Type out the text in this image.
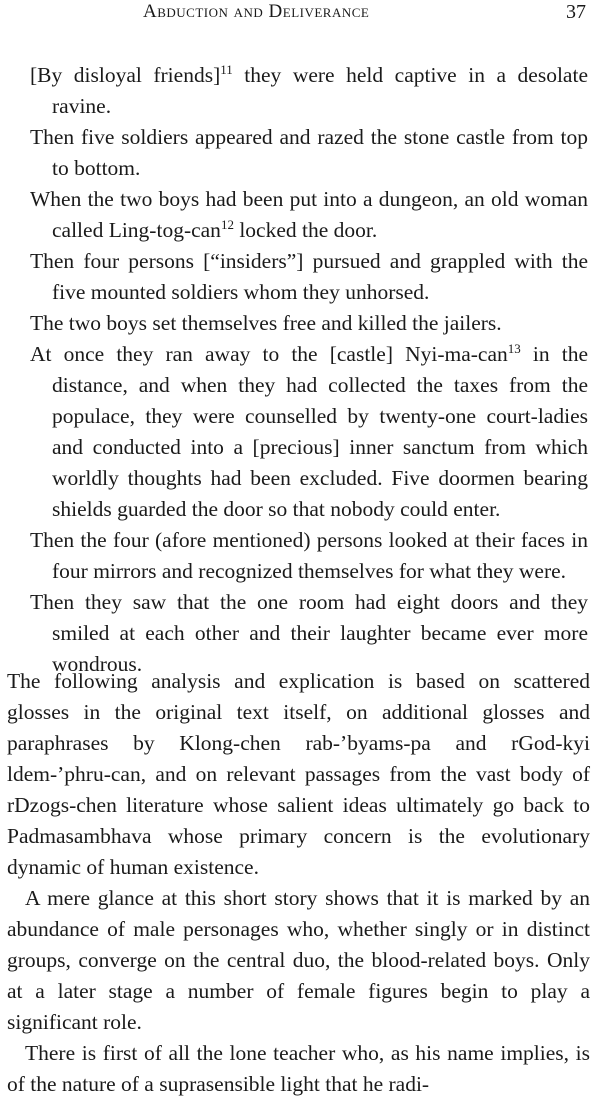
Abduction and Deliverance	37

[By disloyal friends]$^{11}$ they were held captive in a desolate ravine.

Then five soldiers appeared and razed the stone castle from top to bottom.

When the two boys had been put into a dungeon, an old woman called Ling-tog-can$^{12}$ locked the door.

Then four persons [“insiders”] pursued and grappled with the five mounted soldiers whom they unhorsed.

The two boys set themselves free and killed the jailers.

At once they ran away to the [castle] Nyi-ma-can$^{13}$ in the distance, and when they had collected the taxes from the populace, they were counselled by twenty-one court-ladies and conducted into a [precious] inner sanctum from which worldly thoughts had been excluded. Five doormen bearing shields guarded the door so that nobody could enter.

Then the four (afore mentioned) persons looked at their faces in four mirrors and recognized themselves for what they were.

Then they saw that the one room had eight doors and they smiled at each other and their laughter became ever more wondrous.

The following analysis and explication is based on scattered glosses in the original text itself, on additional glosses and paraphrases by Klong-chen rab-’byams-pa and rGod-kyi ldem-’phru-can, and on relevant passages from the vast body of rDzogs-chen literature whose salient ideas ultimately go back to Padmasambhava whose primary concern is the evolutionary dynamic of human existence.

A mere glance at this short story shows that it is marked by an abundance of male personages who, whether singly or in distinct groups, converge on the central duo, the blood-related boys. Only at a later stage a number of female figures begin to play a significant role.

There is first of all the lone teacher who, as his name implies, is of the nature of a suprasensible light that he radi-
